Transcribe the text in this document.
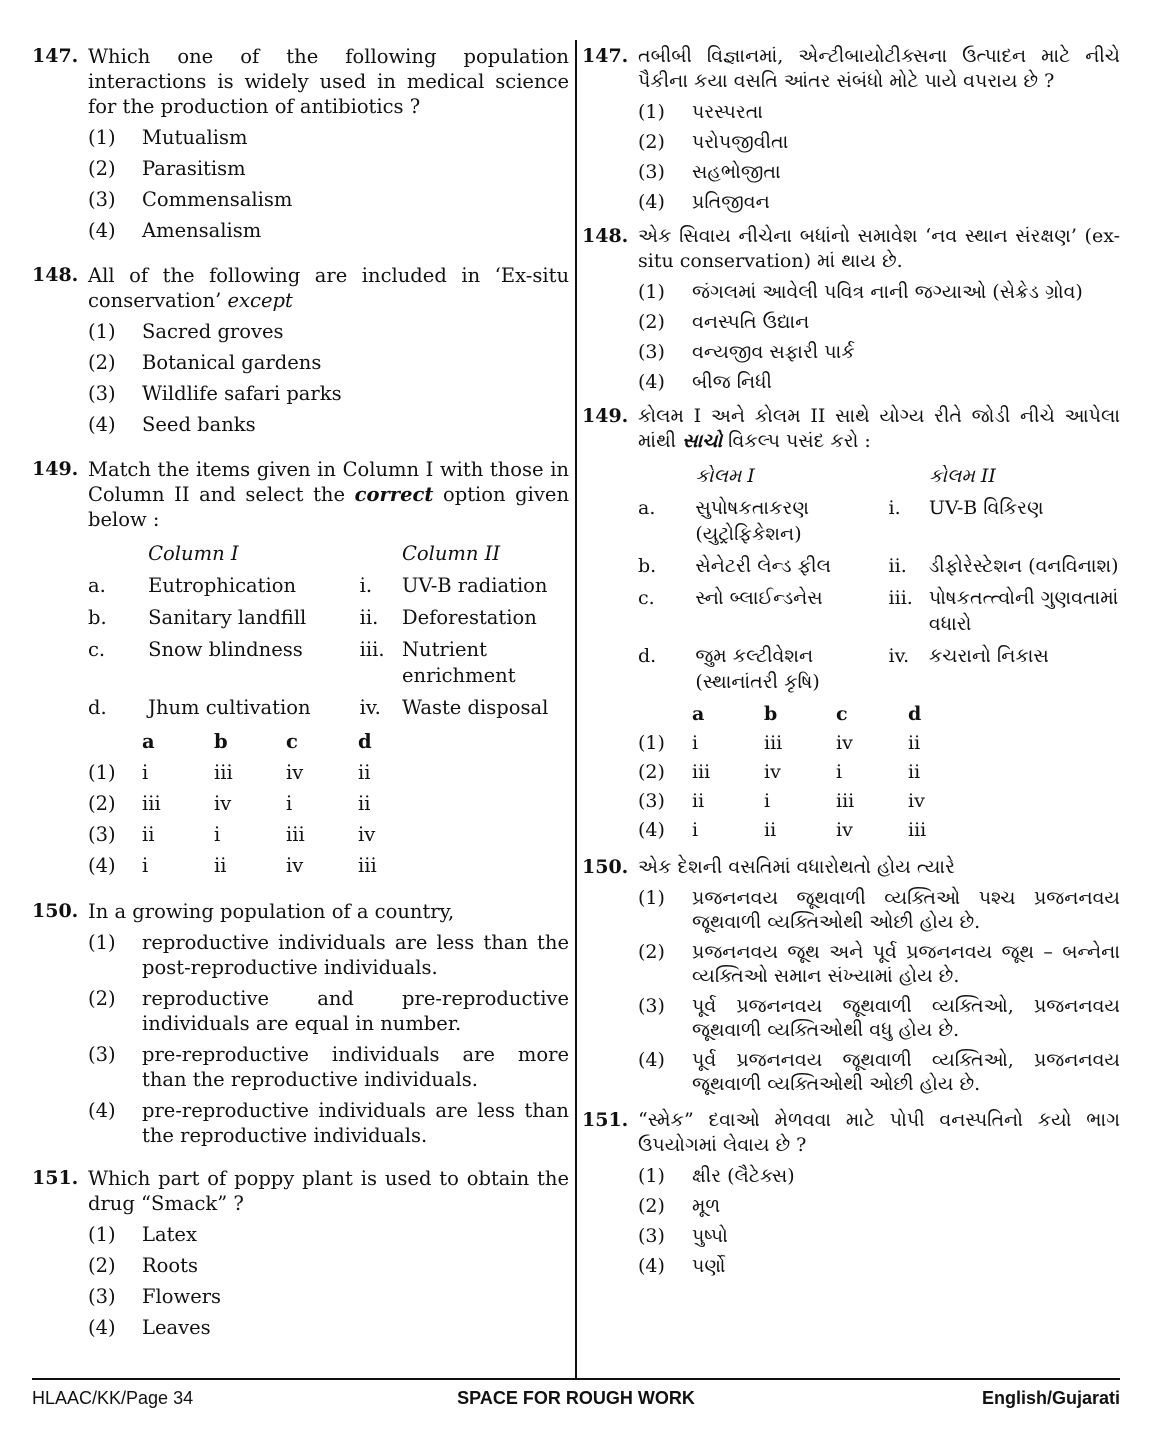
147. Which one of the following population interactions is widely used in medical science for the production of antibiotics ?
(1)	Mutualism
(2)	Parasitism
(3)	Commensalism
(4)	Amensalism
148. All of the following are included in ‘Ex-situ conservation’ except
(1)	Sacred groves
(2)	Botanical gardens
(3)	Wildlife safari parks
(4)	Seed banks
149. Match the items given in Column I with those in Column II and select the correct option given below :
	Column I		Column II
a.	Eutrophication	i.	UV-B radiation
b.	Sanitary landfill	ii.	Deforestation
c.	Snow blindness	iii.	Nutrient enrichment
d.	Jhum cultivation	iv.	Waste disposal
	a	b	c	d
(1)	i	iii	iv	ii
(2)	iii	iv	i	ii
(3)	ii	i	iii	iv
(4)	i	ii	iv	iii
150. In a growing population of a country,
(1)	reproductive individuals are less than the post-reproductive individuals.
(2)	reproductive and pre-reproductive individuals are equal in number.
(3)	pre-reproductive individuals are more than the reproductive individuals.
(4)	pre-reproductive individuals are less than the reproductive individuals.
151. Which part of poppy plant is used to obtain the drug “Smack” ?
(1)	Latex
(2)	Roots
(3)	Flowers
(4)	Leaves
147. તબીબી વિજ્ઞાનમાં, એન્ટીબાયોટીક્સના ઉત્પાદન માટે નીચે પૈકીના કયા વસતિ આંતર સંબંધો મોટે પાયે વપરાય છે ?
(1)	પરસ્પરતા
(2)	પરોપજીવીતા
(3)	સહભોજીતા
(4)	પ્રતિજીવન
148. એક સિવાય નીચેના બધાંનો સમાવેશ ‘નવ સ્થાન સંરક્ષણ’ (ex-situ conservation) માં થાય છે.
(1)	જંગલમાં આવેલી પવિત્ર નાની જગ્યાઓ (સેક્રેડ ગ્રોવ)
(2)	વનસ્પતિ ઉદ્યાન
(3)	વન્યજીવ સફારી પાર્ક
(4)	બીજ નિધી
149. કોલમ I અને કોલમ II સાથે યોગ્ય રીતે જોડી નીચે આપેલા માંથી સાચો વિકલ્પ પસંદ કરો :
	કોલમ I		કોલમ II
a.	સુપોષકતાકરણ (યુટ્રોફિકેશન)	i.	UV-B વિકિરણ
b.	સેનેટરી લેન્ડ ફીલ	ii.	ડીફોરેસ્ટેશન (વનવિનાશ)
c.	સ્નો બ્લાઈન્ડનેસ	iii.	પોષકતત્ત્વોની ગુણવતામાં વધારો
d.	જુમ કલ્ટીવેશન (સ્થાનાંતરી કૃષિ)	iv.	કચરાનો નિકાસ
	a	b	c	d
(1)	i	iii	iv	ii
(2)	iii	iv	i	ii
(3)	ii	i	iii	iv
(4)	i	ii	iv	iii
150. એક દેશની વસતિમાં વધારોથતો હોય ત્યારે
(1)	પ્રજનનવય જૂથવાળી વ્યક્તિઓ પશ્ચ પ્રજનનવય જૂથવાળી વ્યક્તિઓથી ઓછી હોય છે.
(2)	પ્રજનનવય જૂથ અને પૂર્વ પ્રજનનવય જૂથ – બન્નેના વ્યક્તિઓ સમાન સંખ્યામાં હોય છે.
(3)	પૂર્વ પ્રજનનવય જૂથવાળી વ્યક્તિઓ, પ્રજનનવય જૂથવાળી વ્યક્તિઓથી વધુ હોય છે.
(4)	પૂર્વ પ્રજનનવય જૂથવાળી વ્યક્તિઓ, પ્રજનનવય જૂથવાળી વ્યક્તિઓથી ઓછી હોય છે.
151. “સ્મેક” દવાઓ મેળવવા માટે પોપી વનસ્પતિનો કયો ભાગ ઉપયોગમાં લેવાય છે ?
(1)	ક્ષીર (લૈટેક્સ)
(2)	મૂળ
(3)	પુષ્પો
(4)	પર્ણો
HLAAC/KK/Page 34	SPACE FOR ROUGH WORK	English/Gujarati
